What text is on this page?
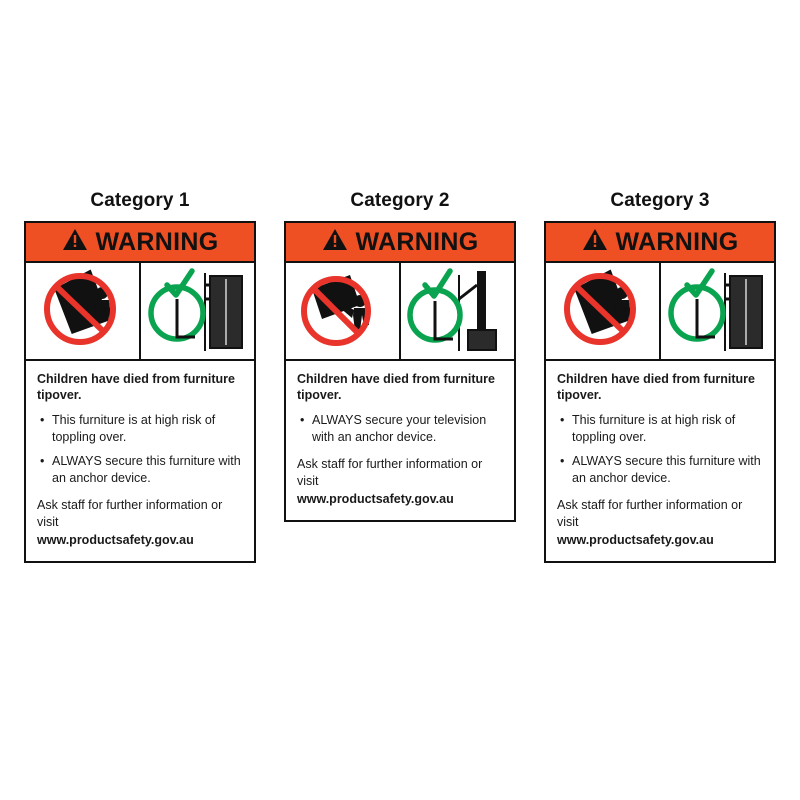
Category 1
WARNING

Children have died from furniture tipover.

• This furniture is at high risk of toppling over.
• ALWAYS secure this furniture with an anchor device.
Ask staff for further information or visit
www.productsafety.gov.au
Category 2
WARNING

Children have died from furniture tipover.

• ALWAYS secure your television with an anchor device.
Ask staff for further information or visit
www.productsafety.gov.au
Category 3
WARNING

Children have died from furniture tipover.

• This furniture is at high risk of toppling over.
• ALWAYS secure this furniture with an anchor device.
Ask staff for further information or visit
www.productsafety.gov.au
